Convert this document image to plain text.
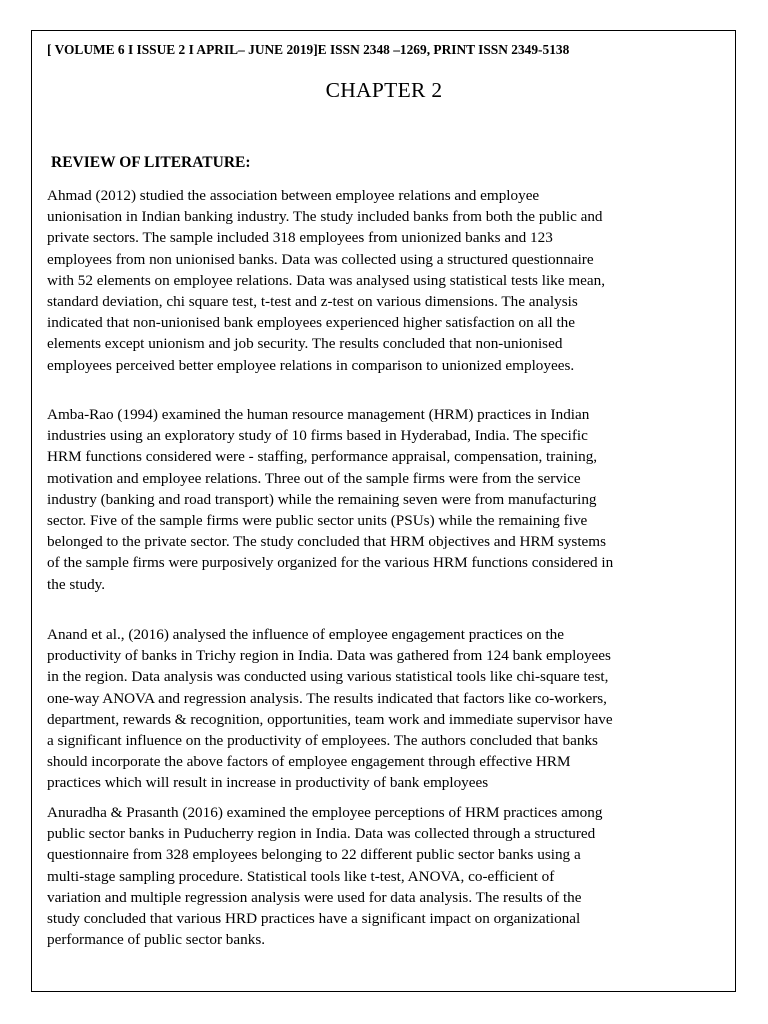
[ VOLUME 6 I ISSUE 2 I APRIL– JUNE 2019]E ISSN 2348 –1269, PRINT ISSN 2349-5138
CHAPTER 2
REVIEW OF LITERATURE:
Ahmad (2012) studied the association between employee relations and employee
unionisation in Indian banking industry. The study included banks from both the public and
private sectors. The sample included 318 employees from unionized banks and 123
employees from non unionised banks. Data was collected using a structured questionnaire
with 52 elements on employee relations. Data was analysed using statistical tests like mean,
standard deviation, chi square test, t-test and z-test on various dimensions. The analysis
indicated that non-unionised bank employees experienced higher satisfaction on all the
elements except unionism and job security. The results concluded that non-unionised
employees perceived better employee relations in comparison to unionized employees.
Amba-Rao (1994) examined the human resource management (HRM) practices in Indian
industries using an exploratory study of 10 firms based in Hyderabad, India. The specific
HRM functions considered were - staffing, performance appraisal, compensation, training,
motivation and employee relations. Three out of the sample firms were from the service
industry (banking and road transport) while the remaining seven were from manufacturing
sector. Five of the sample firms were public sector units (PSUs) while the remaining five
belonged to the private sector. The study concluded that HRM objectives and HRM systems
of the sample firms were purposively organized for the various HRM functions considered in
the study.
Anand et al., (2016) analysed the influence of employee engagement practices on the
productivity of banks in Trichy region in India. Data was gathered from 124 bank employees
in the region. Data analysis was conducted using various statistical tools like chi-square test,
one-way ANOVA and regression analysis. The results indicated that factors like co-workers,
department, rewards & recognition, opportunities, team work and immediate supervisor have
a significant influence on the productivity of employees. The authors concluded that banks
should incorporate the above factors of employee engagement through effective HRM
practices which will result in increase in productivity of bank employees
Anuradha & Prasanth (2016) examined the employee perceptions of HRM practices among
public sector banks in Puducherry region in India. Data was collected through a structured
questionnaire from 328 employees belonging to 22 different public sector banks using a
multi-stage sampling procedure. Statistical tools like t-test, ANOVA, co-efficient of
variation and multiple regression analysis were used for data analysis. The results of the
study concluded that various HRD practices have a significant impact on organizational
performance of public sector banks.
